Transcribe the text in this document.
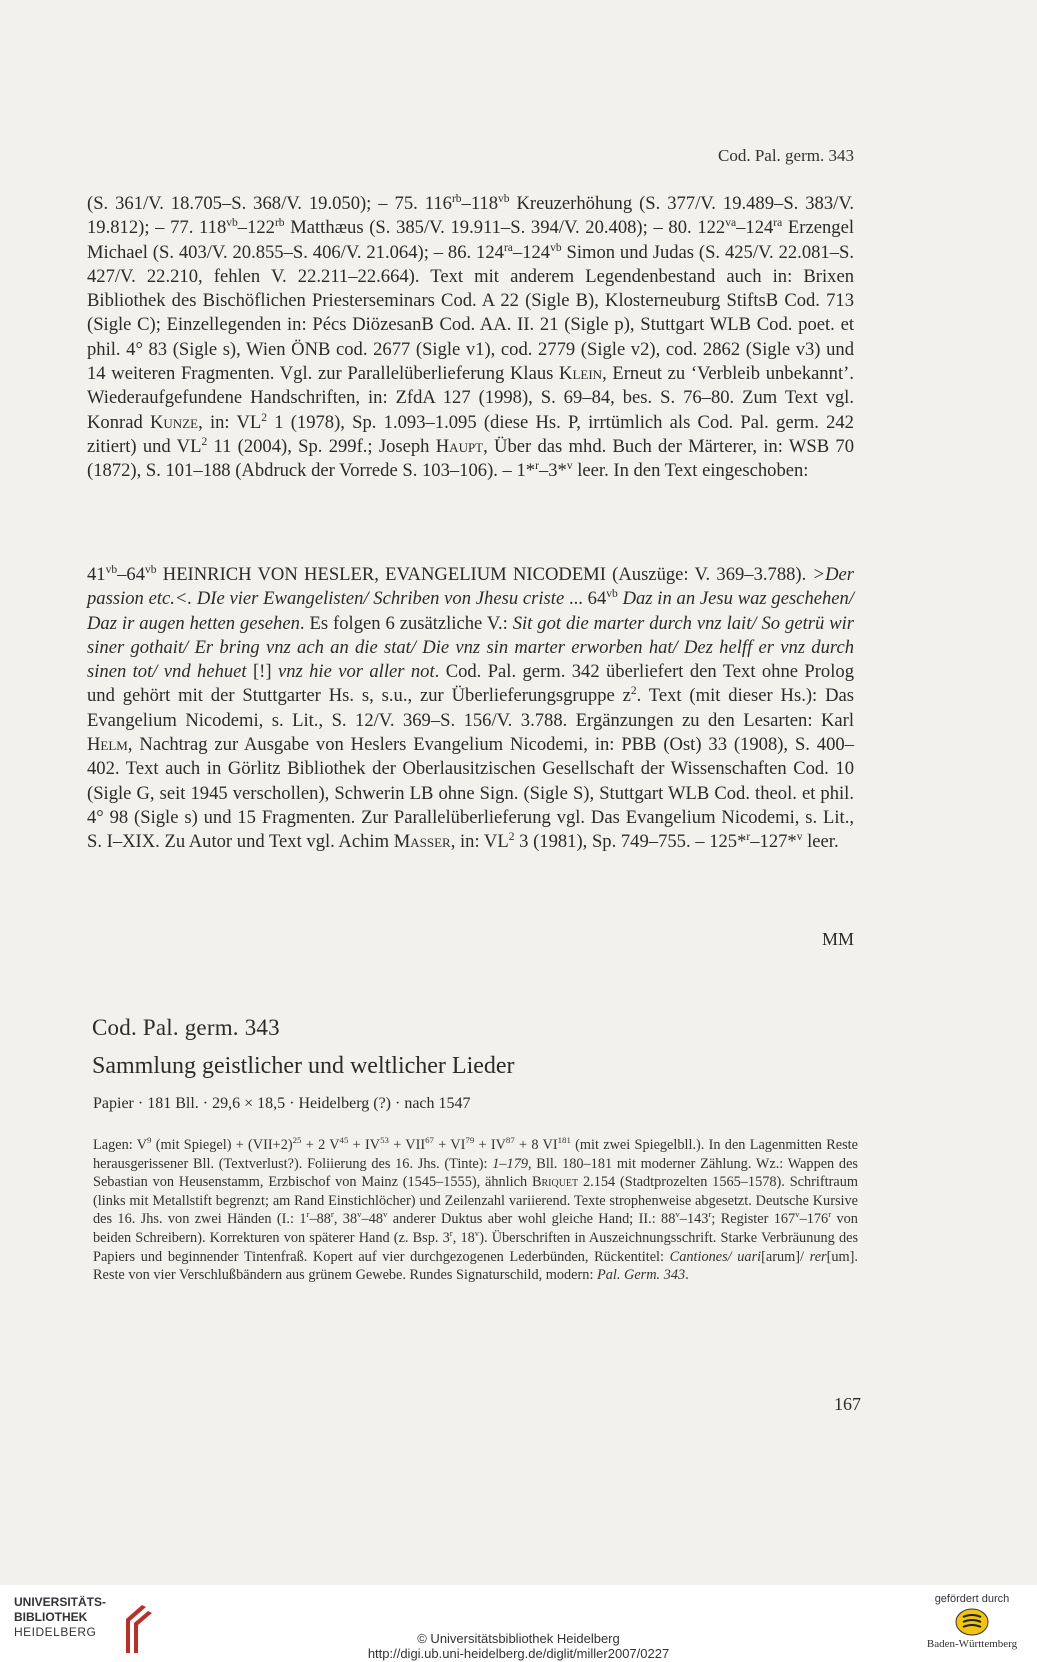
Cod. Pal. germ. 343

(S. 361/V. 18.705–S. 368/V. 19.050); – 75. $116^{rb}-118^{vb}$ Kreuzerhöhung (S. 377/V. 19.489–S. 383/V. 19.812); – 77. $118^{vb}-122^{rb}$ Matthæus (S. 385/V. 19.911–S. 394/V. 20.408); – 80. $122^{va}-124^{ra}$ Erzengel Michael (S. 403/V. 20.855–S. 406/V. 21.064); – 86. $124^{ra}-124^{vb}$ Simon und Judas (S. 425/V. 22.081–S. 427/V. 22.210, fehlen V. 22.211–22.664). Text mit anderem Legendenbestand auch in: Brixen Bibliothek des Bischöflichen Priesterseminars Cod. A 22 (Sigle B), Klosterneuburg StiftsB Cod. 713 (Sigle C); Einzellegenden in: Pécs DiözesanB Cod. AA. II. 21 (Sigle p), Stuttgart WLB Cod. poet. et phil. 4° 83 (Sigle s), Wien ÖNB cod. 2677 (Sigle v1), cod. 2779 (Sigle v2), cod. 2862 (Sigle v3) und 14 weiteren Fragmenten. Vgl. zur Parallelüberlieferung Klaus Klein, Erneut zu ‘Verbleib unbekannt’. Wiederaufgefundene Handschriften, in: ZfdA 127 (1998), S. 69–84, bes. S. 76–80. Zum Text vgl. Konrad Kunze, in: $VL^2$ 1 (1978), Sp. 1.093–1.095 (diese Hs. P, irrtümlich als Cod. Pal. germ. 242 zitiert) und $VL^2$ 11 (2004), Sp. 299f.; Joseph Haupt, Über das mhd. Buch der Märterer, in: WSB 70 (1872), S. 101–188 (Abdruck der Vorrede S. 103–106). – 1*$^r$–3*$^v$ leer. In den Text eingeschoben:

$41^{vb}-64^{vb}$ HEINRICH VON HESLER, EVANGELIUM NICODEMI (Auszüge: V. 369–3.788). >Der passion etc.<. DIe vier Ewangelisten/ Schriben von Jhesu criste ... $64^{vb}$ Daz in an Jesu waz geschehen/ Daz ir augen hetten gesehen. Es folgen 6 zusätzliche V.: Sit got die marter durch vnz lait/ So getrü wir siner gothait/ Er bring vnz ach an die stat/ Die vnz sin marter erworben hat/ Dez helff er vnz durch sinen tot/ vnd hehuet [!] vnz hie vor aller not. Cod. Pal. germ. 342 überliefert den Text ohne Prolog und gehört mit der Stuttgarter Hs. s, s.u., zur Überlieferungsgruppe $z^2$. Text (mit dieser Hs.): Das Evangelium Nicodemi, s. Lit., S. 12/V. 369–S. 156/V. 3.788. Ergänzungen zu den Lesarten: Karl Helm, Nachtrag zur Ausgabe von Heslers Evangelium Nicodemi, in: PBB (Ost) 33 (1908), S. 400–402. Text auch in Görlitz Bibliothek der Oberlausitzischen Gesellschaft der Wissenschaften Cod. 10 (Sigle G, seit 1945 verschollen), Schwerin LB ohne Sign. (Sigle S), Stuttgart WLB Cod. theol. et phil. 4° 98 (Sigle s) und 15 Fragmenten. Zur Parallelüberlieferung vgl. Das Evangelium Nicodemi, s. Lit., S. I–XIX. Zu Autor und Text vgl. Achim Masser, in: $VL^2$ 3 (1981), Sp. 749–755. – 125*$^r$–127*$^v$ leer.

MM
Cod. Pal. germ. 343
Sammlung geistlicher und weltlicher Lieder
Papier · 181 Bll. · 29,6 × 18,5 · Heidelberg (?) · nach 1547

Lagen: $V^9$ (mit Spiegel) + $(VII+2)^{25} + 2$ $V^{45} + IV^{53} + VII^{67} + VI^{79} + IV^{87} + 8$ VI$^{181}$ (mit zwei Spiegelbll.). In den Lagenmitten Reste herausgerissener Bll. (Textverlust?). Foliierung des 16. Jhs. (Tinte): 1–179, Bll. 180–181 mit moderner Zählung. Wz.: Wappen des Sebastian von Heusenstamm, Erzbischof von Mainz (1545–1555), ähnlich Briquet 2.154 (Stadtprozelten 1565–1578). Schriftraum (links mit Metallstift begrenzt; am Rand Einstichlöcher) und Zeilenzahl variierend. Texte strophenweise abgesetzt. Deutsche Kursive des 16. Jhs. von zwei Händen (I.: 1$^r$–88$^r$, 38$^v$–48$^v$ anderer Duktus aber wohl gleiche Hand; II.: 88$^v$–143$^r$; Register 167$^v$–176$^r$ von beiden Schreibern). Korrekturen von späterer Hand (z. Bsp. 3$^r$, 18$^v$). Überschriften in Auszeichnungsschrift. Starke Verbräunung des Papiers und beginnender Tintenfraß. Kopert auf vier durchgezogenen Lederbünden, Rückentitel: Cantiones/ uari[arum]/ rer[um]. Reste von vier Verschlußbändern aus grünem Gewebe. Rundes Signaturschild, modern: Pal. Germ. 343.

167
UNIVERSITÄTS-
BIBLIOTHEK
HEIDELBERG	© Universitätsbibliothek Heidelberg
http://digi.ub.uni-heidelberg.de/diglit/miller2007/0227
gefördert durch
Baden-Württemberg
